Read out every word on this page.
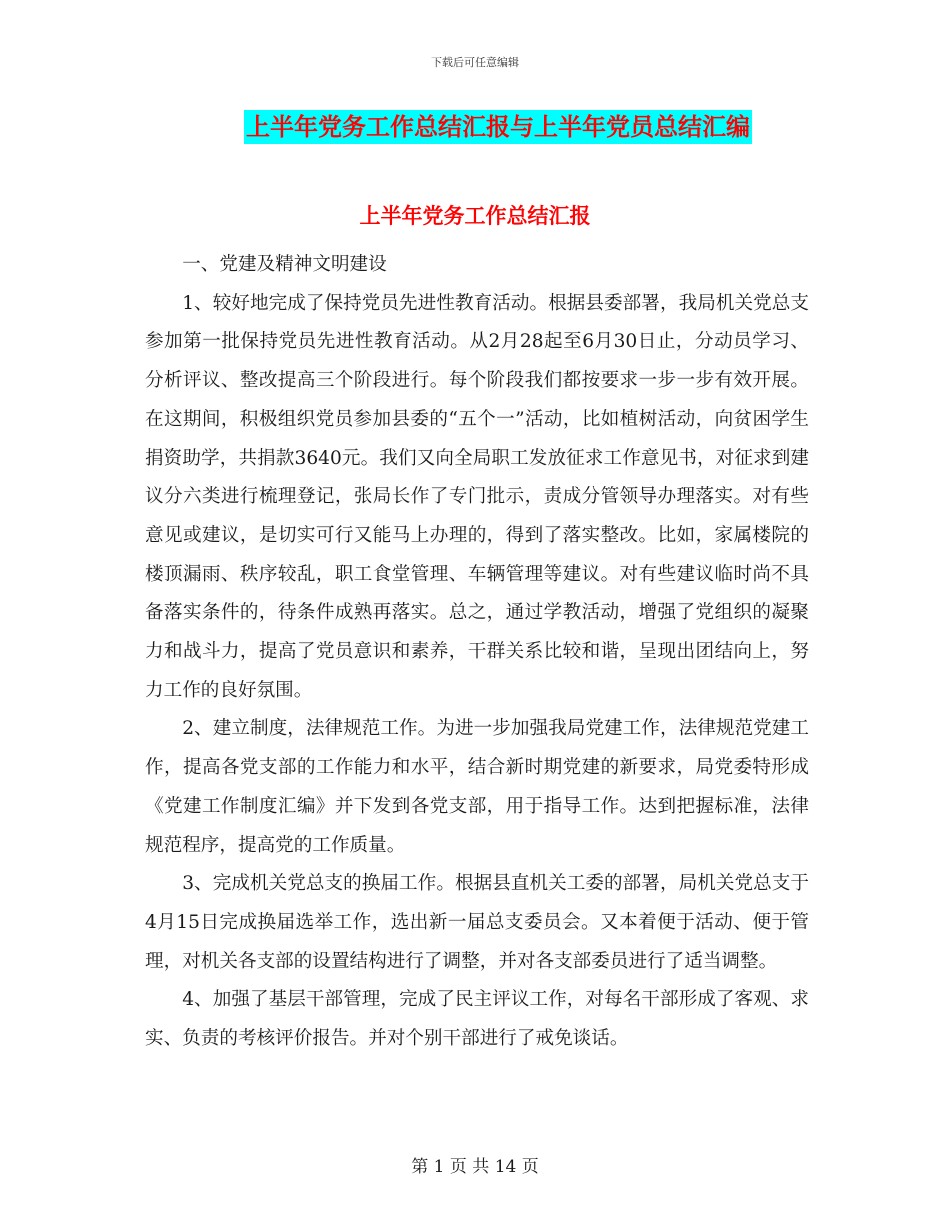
下载后可任意编辑
上半年党务工作总结汇报与上半年党员总结汇编
上半年党务工作总结汇报

一、党建及精神文明建设

1、较好地完成了保持党员先进性教育活动。根据县委部署，我局机关党总支参加第一批保持党员先进性教育活动。从2月28起至6月30日止，分动员学习、分析评议、整改提高三个阶段进行。每个阶段我们都按要求一步一步有效开展。在这期间，积极组织党员参加县委的“五个一”活动，比如植树活动，向贫困学生捐资助学，共捐款3640元。我们又向全局职工发放征求工作意见书，对征求到建议分六类进行梳理登记，张局长作了专门批示，责成分管领导办理落实。对有些意见或建议，是切实可行又能马上办理的，得到了落实整改。比如，家属楼院的楼顶漏雨、秩序较乱，职工食堂管理、车辆管理等建议。对有些建议临时尚不具备落实条件的，待条件成熟再落实。总之，通过学教活动，增强了党组织的凝聚力和战斗力，提高了党员意识和素养，干群关系比较和谐，呈现出团结向上，努力工作的良好氛围。

2、建立制度，法律规范工作。为进一步加强我局党建工作，法律规范党建工作，提高各党支部的工作能力和水平，结合新时期党建的新要求，局党委特形成《党建工作制度汇编》并下发到各党支部，用于指导工作。达到把握标准，法律规范程序，提高党的工作质量。

3、完成机关党总支的换届工作。根据县直机关工委的部署，局机关党总支于4月15日完成换届选举工作，选出新一届总支委员会。又本着便于活动、便于管理，对机关各支部的设置结构进行了调整，并对各支部委员进行了适当调整。

4、加强了基层干部管理，完成了民主评议工作，对每名干部形成了客观、求实、负责的考核评价报告。并对个别干部进行了戒免谈话。

第 1 页 共 14 页
